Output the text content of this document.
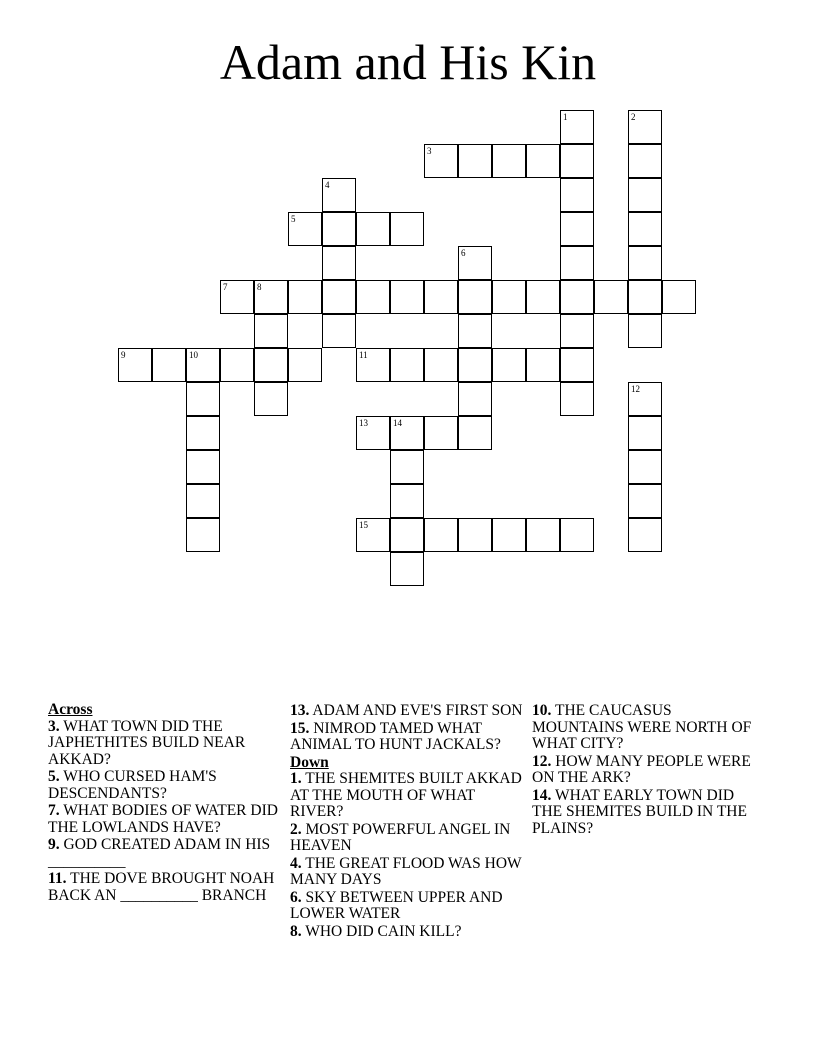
Adam and His Kin
1	2
3
4
5
6
7	8
9	10	11
12
13	14
15
Across
3. WHAT TOWN DID THE JAPHETHITES BUILD NEAR AKKAD?
5. WHO CURSED HAM'S DESCENDANTS?
7. WHAT BODIES OF WATER DID THE LOWLANDS HAVE?
9. GOD CREATED ADAM IN HIS __________
11. THE DOVE BROUGHT NOAH BACK AN __________ BRANCH
13. ADAM AND EVE'S FIRST SON
15. NIMROD TAMED WHAT ANIMAL TO HUNT JACKALS?
Down
1. THE SHEMITES BUILT AKKAD AT THE MOUTH OF WHAT RIVER?
2. MOST POWERFUL ANGEL IN HEAVEN
4. THE GREAT FLOOD WAS HOW MANY DAYS
6. SKY BETWEEN UPPER AND LOWER WATER
8. WHO DID CAIN KILL?
10. THE CAUCASUS MOUNTAINS WERE NORTH OF WHAT CITY?
12. HOW MANY PEOPLE WERE ON THE ARK?
14. WHAT EARLY TOWN DID THE SHEMITES BUILD IN THE PLAINS?
